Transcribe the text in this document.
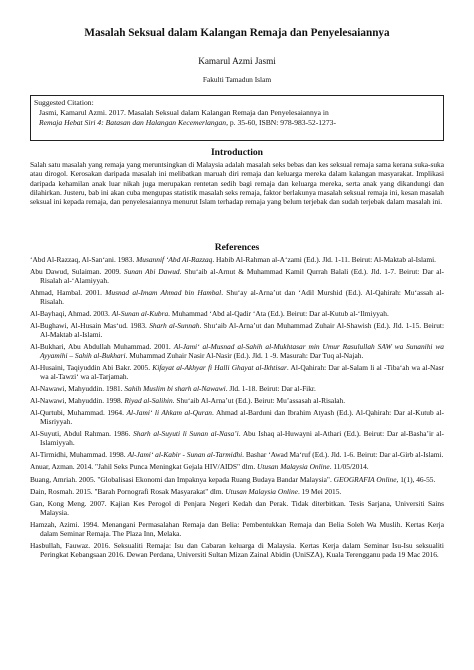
Masalah Seksual dalam Kalangan Remaja dan Penyelesaiannya
Kamarul Azmi Jasmi
Fakulti Tamadun Islam
Suggested Citation:
Jasmi, Kamarul Azmi. 2017. Masalah Seksual dalam Kalangan Remaja dan Penyelesaiannya in
Remaja Hebat Siri 4: Batasan dan Halangan Kecemerlangan, p. 35-60, ISBN: 978-983-52-1273-
Introduction
Salah satu masalah yang remaja yang meruntsingkan di Malaysia adalah masalah seks bebas dan kes seksual remaja sama kerana suka-suka atau dirogol. Kerosakan daripada masalah ini melibatkan maruah diri remaja dan keluarga mereka dalam kalangan masyarakat. Implikasi daripada kehamilan anak luar nikah juga merupakan rentetan sedih bagi remaja dan keluarga mereka, serta anak yang dikandungi dan dilahirkan. Justeru, bab ini akan cuba mengupas statistik masalah seks remaja, faktor berlakunya masalah seksual remaja ini, kesan masalah seksual ini kepada remaja, dan penyelesaiannya menurut Islam terhadap remaja yang belum terjebak dan sudah terjebak dalam masalah ini.
References
‘Abd Al-Razzaq, Al-San‘ani. 1983. Musannif ‘Abd Al-Razzaq. Habib Al-Rahman al-A‘zami (Ed.). Jld. 1-11. Beirut: Al-Maktab al-Islami.
Abu Dawud, Sulaiman. 2009. Sunan Abi Dawud. Shu‘aib al-Arnut & Muhammad Kamil Qurrah Balali (Ed.). Jld. 1-7. Beirut: Dar al-Risalah al-‘Alamiyyah.
Ahmad, Hambal. 2001. Musnad al-Imam Ahmad bin Hambal. Shu‘ay al-Arna’ut dan ‘Adil Murshid (Ed.). Al-Qahirah: Mu‘assah al-Risalah.
Al-Bayhaqi, Ahmad. 2003. Al-Sunan al-Kubra. Muhammad ‘Abd al-Qadir ‘Ata (Ed.). Beirut: Dar al-Kutub al-‘Ilmiyyah.
Al-Bughawi, Al-Husain Mas‘ud. 1983. Sharh al-Sunnah. Shu‘aib Al-Arna’ut dan Muhammad Zuhair Al-Shawish (Ed.). Jld. 1-15. Beirut: Al-Maktab al-Islami.
Al-Bukhari, Abu Abdullah Muhammad. 2001. Al-Jami‘ al-Musnad al-Sahih al-Mukhtasar min Umur Rasulullah SAW wa Sunanihi wa Ayyamihi – Sahih al-Bukhari. Muhammad Zuhair Nasir Al-Nasir (Ed.). Jld. 1 -9. Masurah: Dar Tuq al-Najah.
Al-Husaini, Taqiyuddin Abi Bakr. 2005. Kifayat al-Akhyar fi Halli Ghayat al-Ikhtisar. Al-Qahirah: Dar al-Salam li al -Tiba‘ah wa al-Nasr wa al-Tawzi‘ wa al-Tarjamah.
Al-Nawawi, Mahyuddin. 1981. Sahih Muslim bi sharh al-Nawawi. Jld. 1-18. Beirut: Dar al-Fikr.
Al-Nawawi, Mahyuddin. 1998. Riyad al-Salihin. Shu‘aib Al-Arna’ut (Ed.). Beirut: Mu’assasah al-Risalah.
Al-Qurtubi, Muhammad. 1964. Al-Jami‘ li Ahkam al-Quran. Ahmad al-Barduni dan Ibrahim Atyash (Ed.). Al-Qahirah: Dar al-Kutub al-Misriyyah.
Al-Suyuti, Abdul Rahman. 1986. Sharh al-Suyuti li Sunan al-Nasa’i. Abu Ishaq al-Huwayni al-Athari (Ed.). Beirut: Dar al-Basha’ir al-Islamiyyah.
Al-Tirmidhi, Muhammad. 1998. Al-Jami‘ al-Kabir - Sunan al-Tarmidhi. Bashar ‘Awad Ma‘ruf (Ed.). Jld. 1-6. Beirut: Dar al-Girb al-Islami.
Anuar, Azman. 2014. "Jahil Seks Punca Meningkat Gejala HIV/AIDS" dlm. Utusan Malaysia Online. 11/05/2014.
Buang, Amriah. 2005. "Globalisasi Ekonomi dan Impaknya kepada Ruang Budaya Bandar Malaysia". GEOGRAFIA Online, 1(1), 46-55.
Dain, Rosmah. 2015. "Barah Pornografi Rosak Masyarakat" dlm. Utusan Malaysia Online. 19 Mei 2015.
Gan, Kong Meng. 2007. Kajian Kes Perogol di Penjara Negeri Kedah dan Perak. Tidak diterbitkan. Tesis Sarjana, Universiti Sains Malaysia.
Hamzah, Azimi. 1994. Menangani Permasalahan Remaja dan Belia: Pembentukkan Remaja dan Belia Soleh Wa Muslih. Kertas Kerja dalam Seminar Remaja. The Plaza Inn, Melaka.
Hasbullah, Fauwaz. 2016. Seksualiti Remaja: Isu dan Cabaran keluarga di Malaysia. Kertas Kerja dalam Seminar Isu-Isu seksualiti Peringkat Kebangsaan 2016. Dewan Perdana, Universiti Sultan Mizan Zainal Abidin (UniSZA), Kuala Terengganu pada 19 Mac 2016.
